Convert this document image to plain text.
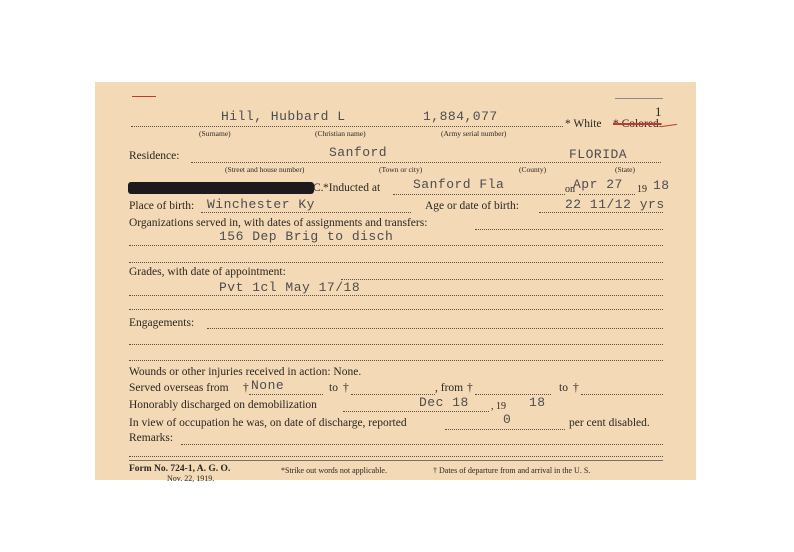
1
Hill, Hubbard L	1,884,077	* White * Colored.
(Surname)	(Christian name)	(Army serial number)
Residence:	Sanford	FLORIDA
(Street and house number)	(Town or city)	(County)	(State)
C. *Inducted at	Sanford Fla	on
Apr 27 19 18
Place of birth: Winchester Ky	Age or date of birth:	22 11/12 yrs
Organizations served in, with dates of assignments and transfers:
156 Dep Brig to disch
Grades, with date of appointment:
Pvt 1cl May 17/18
Engagements:
Wounds or other injuries received in action: None.
Served overseas from † None	to †	, from †	to †
Honorably discharged on demobilization	Dec 18 , 19 18
In view of occupation he was, on date of discharge, reported	0	per cent disabled.
Remarks:
Form No. 724-1, A. G. O.
Nov. 22, 1919.
*Strike out words not applicable.	† Dates of departure from and arrival in the U. S.
